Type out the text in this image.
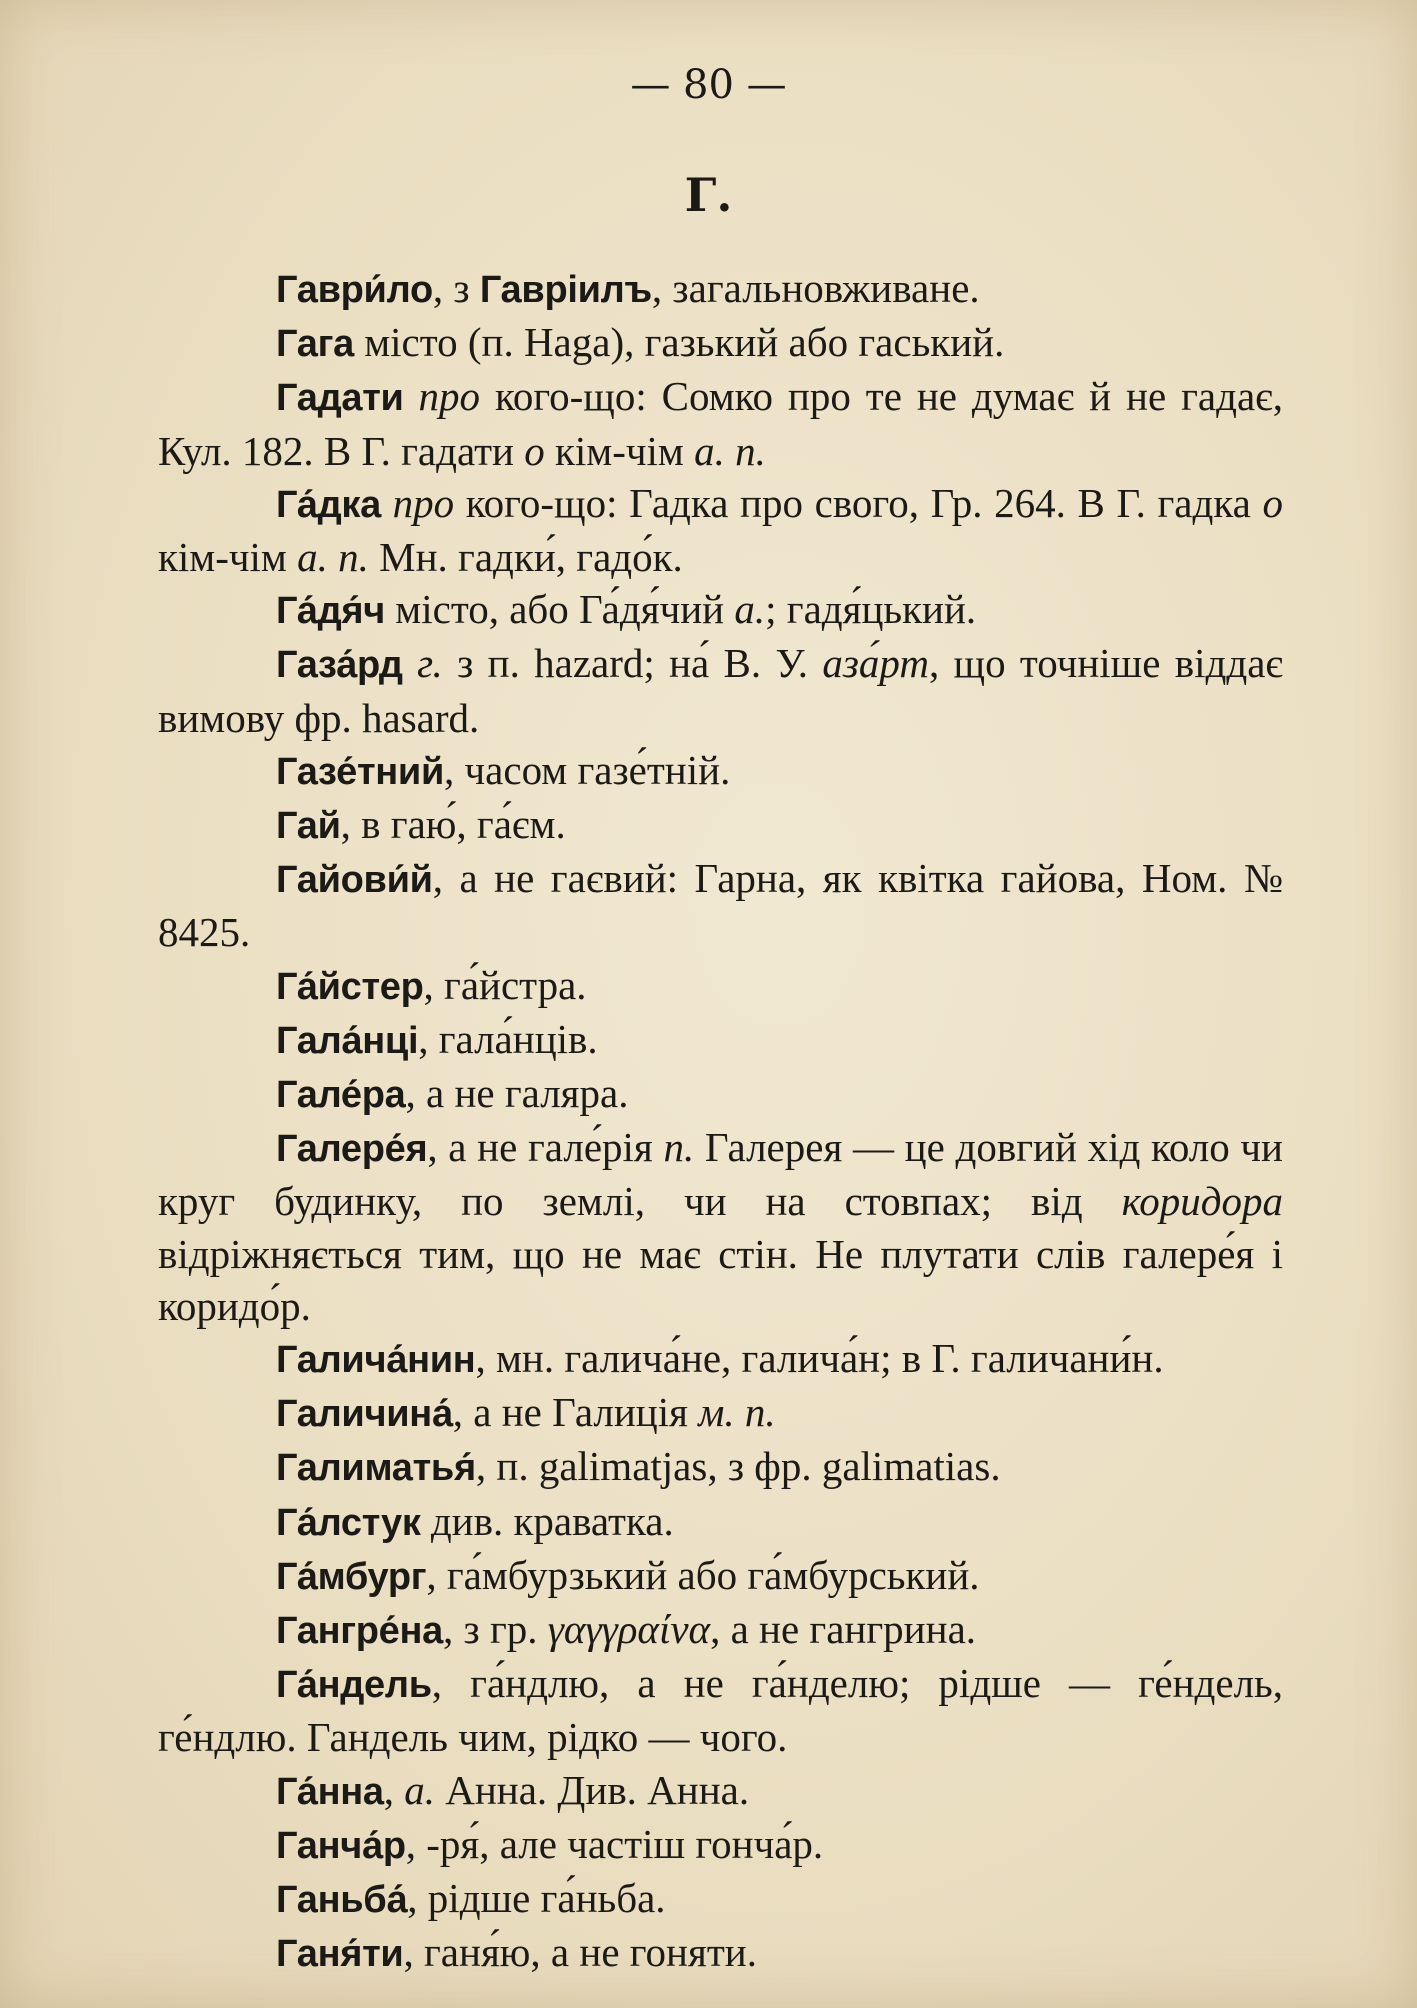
— 80 —
Г.

Гаври́ло, з Гавріилъ, загальновживане.

Гага місто (п. Haga), газький або гаський.

Гадати про кого-що: Сомко про те не думає й не гадає, Кул. 182. В Г. гадати о кім-чім а. п.

Га́дка про кого-що: Гадка про свого, Гр. 264. В Г. гадка о кім-чім а. п. Мн. гадки́, гадо́к.

Га́дя́ч місто, або Га́дя́чий а.; гадя́цький.

Газа́рд г. з п. hazard; на́ В. У. аза́рт, що точніше віддає вимову фр. hasard.

Газе́тний, часом газе́тній.

Гай, в гаю́, га́єм.

Гайови́й, а не гаєвий: Гарна, як квітка гайова, Ном. № 8425.

Га́йстер, га́йстра.

Гала́нці, гала́нців.

Гале́ра, а не галяра.

Галере́я, а не гале́рія п. Галерея — це довгий хід коло чи круг будинку, по землі, чи на стовпах; від коридора відріжняється тим, що не має стін. Не плутати слів галере́я і коридо́р.

Галича́нин, мн. галича́не, галича́н; в Г. галичани́н.

Галичина́, а не Галиція м. п.

Галиматья́, п. galimatjas, з фр. galimatias.

Га́лстук див. краватка.

Га́мбург, га́мбурзький або га́мбурський.

Гангре́на, з гр. γαγγραίνα, а не гангрина.

Га́ндель, га́ндлю, а не га́нделю; рідше — ге́ндель, ге́ндлю. Гандель чим, рідко — чого.

Га́нна, а. Анна. Див. Анна.

Ганча́р, -ря́, але частіш гонча́р.

Ганьба́, рідше га́ньба.

Ганя́ти, ганя́ю, а не гоняти.
